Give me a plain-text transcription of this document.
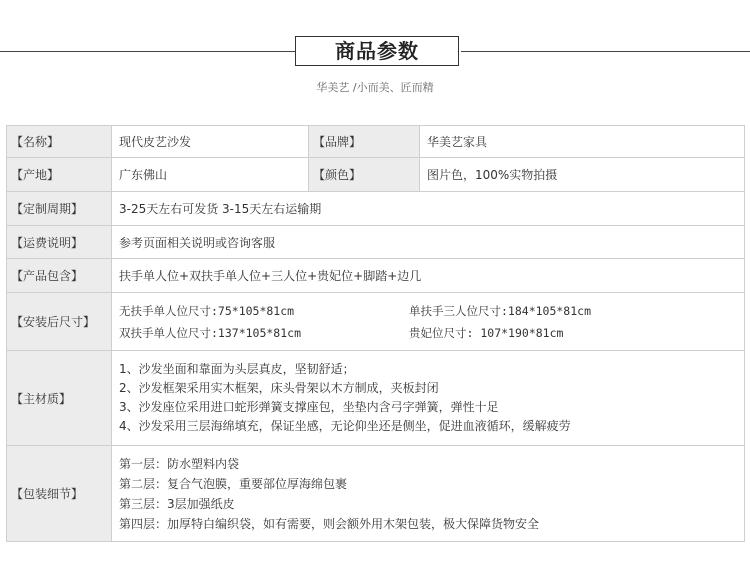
商品参数
华美艺 /小而美、匠而精
【名称】	现代皮艺沙发	【品牌】	华美艺家具
【产地】	广东佛山	【颜色】	图片色，100%实物拍摄
【定制周期】	3-25天左右可发货 3-15天左右运输期		
【运费说明】	参考页面相关说明或咨询客服		
【产品包含】	扶手单人位+双扶手单人位+三人位+贵妃位+脚踏+边几		
【安装后尺寸】	无扶手单人位尺寸:75*105*81cm 单扶手三人位尺寸:184*105*81cm
双扶手单人位尺寸:137*105*81cm 贵妃位尺寸: 107*190*81cm		

【主材质】	1、沙发坐面和靠面为头层真皮，坚韧舒适；
2、沙发框架采用实木框架，床头骨架以木方制成，夹板封闭
3、沙发座位采用进口蛇形弹簧支撑座包，坐垫内含弓字弹簧，弹性十足
4、沙发采用三层海绵填充，保证坐感，无论仰坐还是侧坐，促进血液循环，缓解疲劳		

【包装细节】	第一层：防水塑料内袋
第二层：复合气泡膜，重要部位厚海绵包裹
第三层：3层加强纸皮
第四层：加厚特白编织袋，如有需要，则会额外用木架包装，极大保障货物安全		
